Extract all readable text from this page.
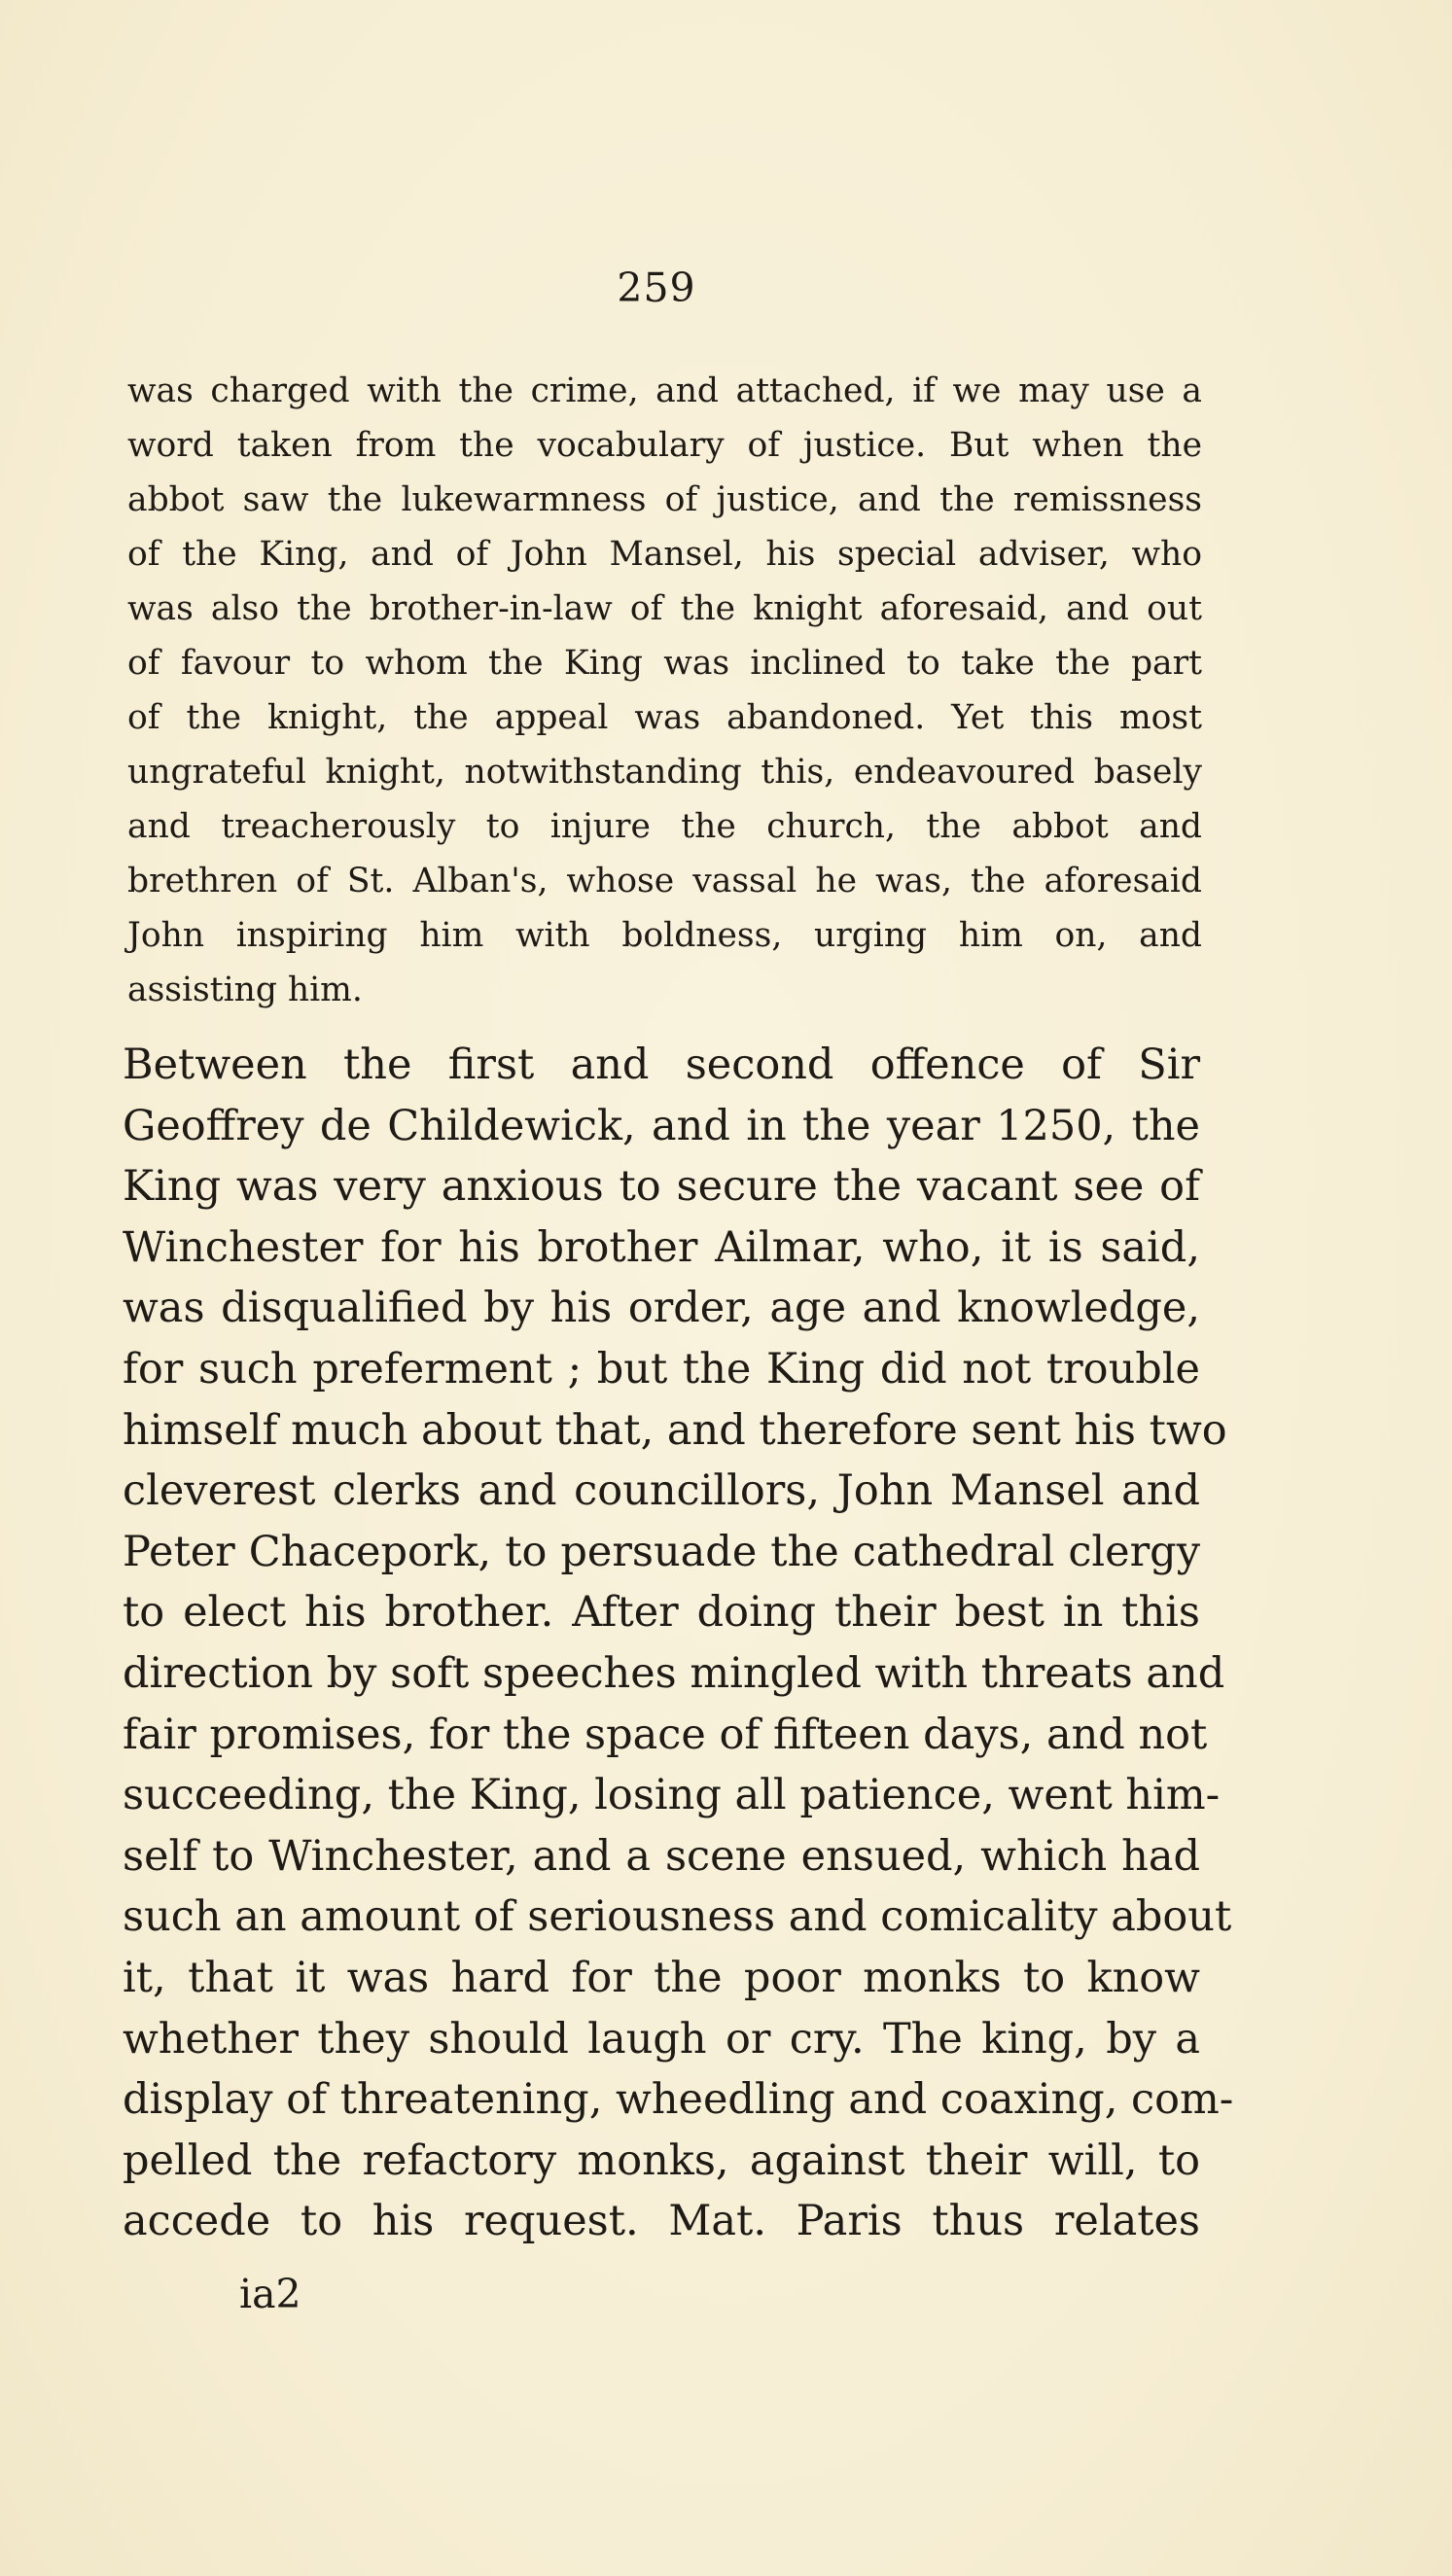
259
was charged with the crime, and attached, if we may use a
word taken from the vocabulary of justice. But when the
abbot saw the lukewarmness of justice, and the remissness
of the King, and of John Mansel, his special adviser, who
was also the brother-in-law of the knight aforesaid, and out
of favour to whom the King was inclined to take the part
of the knight, the appeal was abandoned. Yet this most
ungrateful knight, notwithstanding this, endeavoured basely
and treacherously to injure the church, the abbot and
brethren of St. Alban's, whose vassal he was, the aforesaid
John inspiring him with boldness, urging him on, and
assisting him.
Between the first and second offence of Sir
Geoffrey de Childewick, and in the year 1250, the
King was very anxious to secure the vacant see of
Winchester for his brother Ailmar, who, it is said,
was disqualified by his order, age and knowledge,
for such preferment ; but the King did not trouble
himself much about that, and therefore sent his two
cleverest clerks and councillors, John Mansel and
Peter Chacepork, to persuade the cathedral clergy
to elect his brother. After doing their best in this
direction by soft speeches mingled with threats and
fair promises, for the space of fifteen days, and not
succeeding, the King, losing all patience, went him-
self to Winchester, and a scene ensued, which had
such an amount of seriousness and comicality about
it, that it was hard for the poor monks to know
whether they should laugh or cry. The king, by a
display of threatening, wheedling and coaxing, com-
pelled the refactory monks, against their will, to
accede to his request. Mat. Paris thus relates
ia2
